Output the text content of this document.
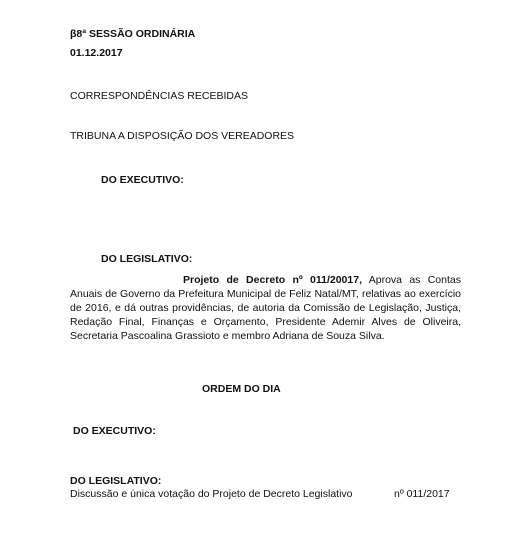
β8ª SESSÃO ORDINÁRIA
01.12.2017
CORRESPONDÊNCIAS RECEBIDAS
TRIBUNA A DISPOSIÇÃO DOS VEREADORES
DO EXECUTIVO:
DO LEGISLATIVO:
Projeto de Decreto nº 011/20017, Aprova as Contas Anuais de Governo da Prefeitura Municipal de Feliz Natal/MT, relativas ao exercício de 2016, e dá outras providências, de autoria da Comissão de Legislação, Justiça, Redação Final, Finanças e Orçamento, Presidente Ademir Alves de Oliveira, Secretaria Pascoalina Grassioto e membro Adriana de Souza Silva.
ORDEM DO DIA
DO EXECUTIVO:
DO LEGISLATIVO:
Discussão e única votação do Projeto de Decreto Legislativo	nº 011/2017
